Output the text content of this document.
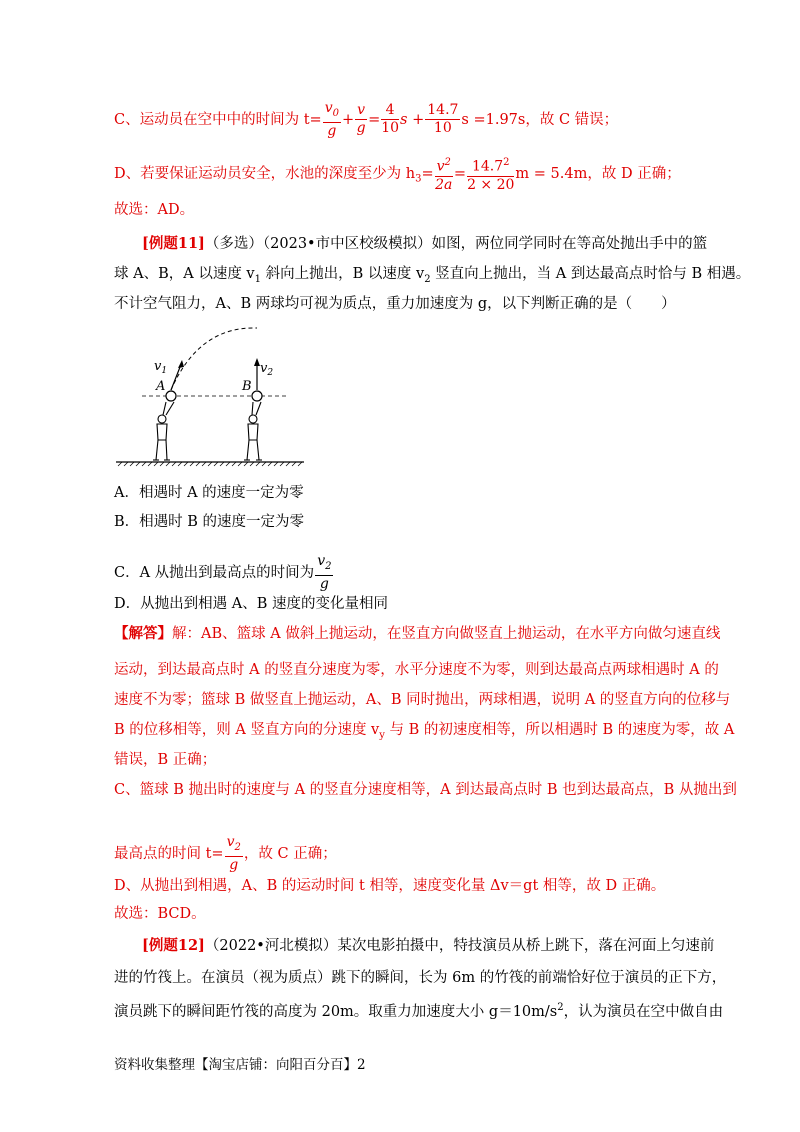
C、运动员在空中中的时间为 $t= \frac{v_0}{g} + \frac{v}{g} = \frac{4}{10}$ $s + \frac{14.7}{10}$ s =1.97s，故 C 错误；
D、若要保证运动员安全，水池的深度至少为 $h_3= \frac{v^2}{2a} = \frac{14.7^2}{2 \times 20}$ m = 5.4m，故 D 正确；
故选：AD。
[例题11]（多选）（2023•市中区校级模拟）如图，两位同学同时在等高处抛出手中的篮
球 A、B，A 以速度 $v_1$ 斜向上抛出，B 以速度 $v_2$ 竖直向上抛出，当 A 到达最高点时恰与 B 相遇。
不计空气阻力，A、B 两球均可视为质点，重力加速度为 g，以下判断正确的是（　　）
$v_1$	$v_2$
A	B
A．相遇时 A 的速度一定为零
B．相遇时 B 的速度一定为零
C．A 从抛出到最高点的时间为 $\frac{v_2}{g}$
D．从抛出到相遇 A、B 速度的变化量相同
【解答】解：AB、篮球 A 做斜上抛运动，在竖直方向做竖直上抛运动，在水平方向做匀速直线
运动，到达最高点时 A 的竖直分速度为零，水平分速度不为零，则到达最高点两球相遇时 A 的
速度不为零；篮球 B 做竖直上抛运动，A、B 同时抛出，两球相遇，说明 A 的竖直方向的位移与
B 的位移相等，则 A 竖直方向的分速度 $v_y$ 与 B 的初速度相等，所以相遇时 B 的速度为零，故 A
错误，B 正确；
C、篮球 B 抛出时的速度与 A 的竖直分速度相等，A 到达最高点时 B 也到达最高点，B 从抛出到
最高点的时间 $t= \frac{v_2}{g}$ ，故 C 正确；
D、从抛出到相遇，A、B 的运动时间 t 相等，速度变化量 Δv＝gt 相等，故 D 正确。
故选：BCD。
[例题12]（2022•河北模拟）某次电影拍摄中，特技演员从桥上跳下，落在河面上匀速前
进的竹筏上。在演员（视为质点）跳下的瞬间，长为 6m 的竹筏的前端恰好位于演员的正下方，
演员跳下的瞬间距竹筏的高度为 20m。取重力加速度大小 $g=10m/s^2$，认为演员在空中做自由
资料收集整理【淘宝店铺：向阳百分百】2
